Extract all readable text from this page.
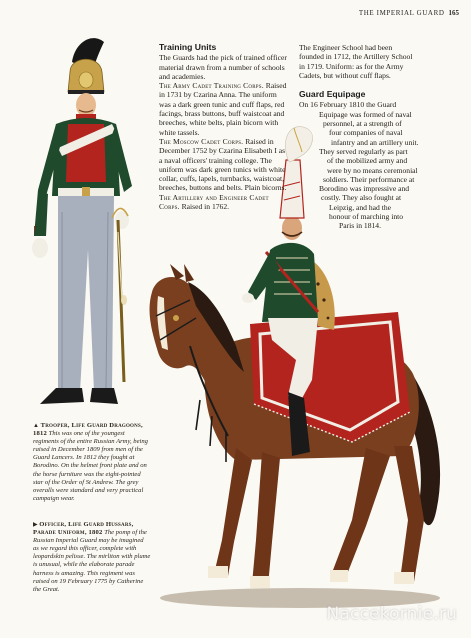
THE IMPERIAL GUARD 165
Training Units

The Guards had the pick of trained officer material drawn from a number of schools and academies.

The Army Cadet Training Corps. Raised in 1731 by Czarina Anna. The uniform was a dark green tunic and cuff flaps, red facings, brass buttons, buff waistcoat and breeches, white belts, plain bicorn with white tassels.

The Moscow Cadet Corps. Raised in December 1752 by Czarina Elisabeth I as a naval officers' training college. The uniform was dark green tunics with white collar, cuffs, lapels, turnbacks, waistcoat, breeches, buttons and belts. Plain bicorns.

The Artillery and Engineer Cadet Corps. Raised in 1762.

The Engineer School had been
founded in 1712, the Artillery School
in 1719. Uniform: as for the Army
Cadets, but without cuff flaps.

Guard Equipage

On 16 February 1810 the Guard
Equipage was formed of naval
personnel, at a strength of
four companies of naval
infantry and an artillery unit.
They served regularly as part
of the mobilized army and
were by no means ceremonial
soldiers. Their performance at
Borodino was impressive and
costly. They also fought at
Leipzig, and had the
honour of marching into
Paris in 1814.

▲ Trooper, Life Guard Dragoons, 1812 This was one of the youngest regiments of the entire Russian Army, being raised in December 1809 from men of the Guard Lancers. In 1812 they fought at Borodino. On the helmet front plate and on the horse furniture was the eight-pointed star of the Order of St Andrew. The grey overalls were standard and very practical campaign wear.
▶ Officer, Life Guard Hussars, Parade Uniform, 1802 The pomp of the Russian Imperial Guard may be imagined as we regard this officer, complete with leopardskin pelisse. The mirliton with plume is unusual, while the elaborate parade harness is amazing. This regiment was raised on 19 February 1775 by Catherine the Great.
Naccekornie.ru
